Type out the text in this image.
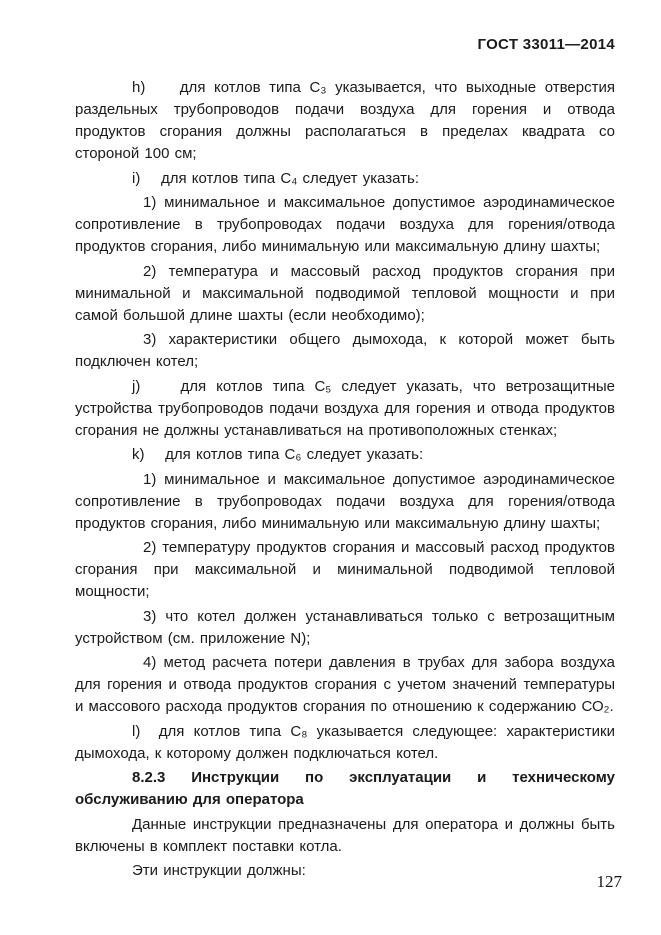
ГОСТ 33011—2014

h)    для котлов типа С₃ указывается, что выходные отверстия раздельных трубопроводов подачи воздуха для горения и отвода продуктов сгорания должны располагаться в пределах квадрата со стороной 100 см;

i)    для котлов типа С₄ следует указать:

1) минимальное и максимальное допустимое аэродинамическое сопротивление в трубопроводах подачи воздуха для горения/отвода продуктов сгорания, либо минимальную или максимальную длину шахты;

2) температура и массовый расход продуктов сгорания при минимальной и максимальной подводимой тепловой мощности и при самой большой длине шахты (если необходимо);

3) характеристики общего дымохода, к которой может быть подключен котел;

j)    для котлов типа С₅ следует указать, что ветрозащитные устройства трубопроводов подачи воздуха для горения и отвода продуктов сгорания не должны устанавливаться на противоположных стенках;

k)    для котлов типа С₆ следует указать:

1) минимальное и максимальное допустимое аэродинамическое сопротивление в трубопроводах подачи воздуха для горения/отвода продуктов сгорания, либо минимальную или максимальную длину шахты;

2) температуру продуктов сгорания и массовый расход продуктов сгорания при максимальной и минимальной подводимой тепловой мощности;

3) что котел должен устанавливаться только с ветрозащитным устройством (см. приложение N);

4) метод расчета потери давления в трубах для забора воздуха для горения и отвода продуктов сгорания с учетом значений температуры и массового расхода продуктов сгорания по отношению к содержанию СО₂.

l)  для котлов типа С₈ указывается следующее: характеристики дымохода, к которому должен подключаться котел.

8.2.3 Инструкции по эксплуатации и техническому обслуживанию для оператора

Данные инструкции предназначены для оператора и должны быть включены в комплект поставки котла.

Эти инструкции должны:

127
